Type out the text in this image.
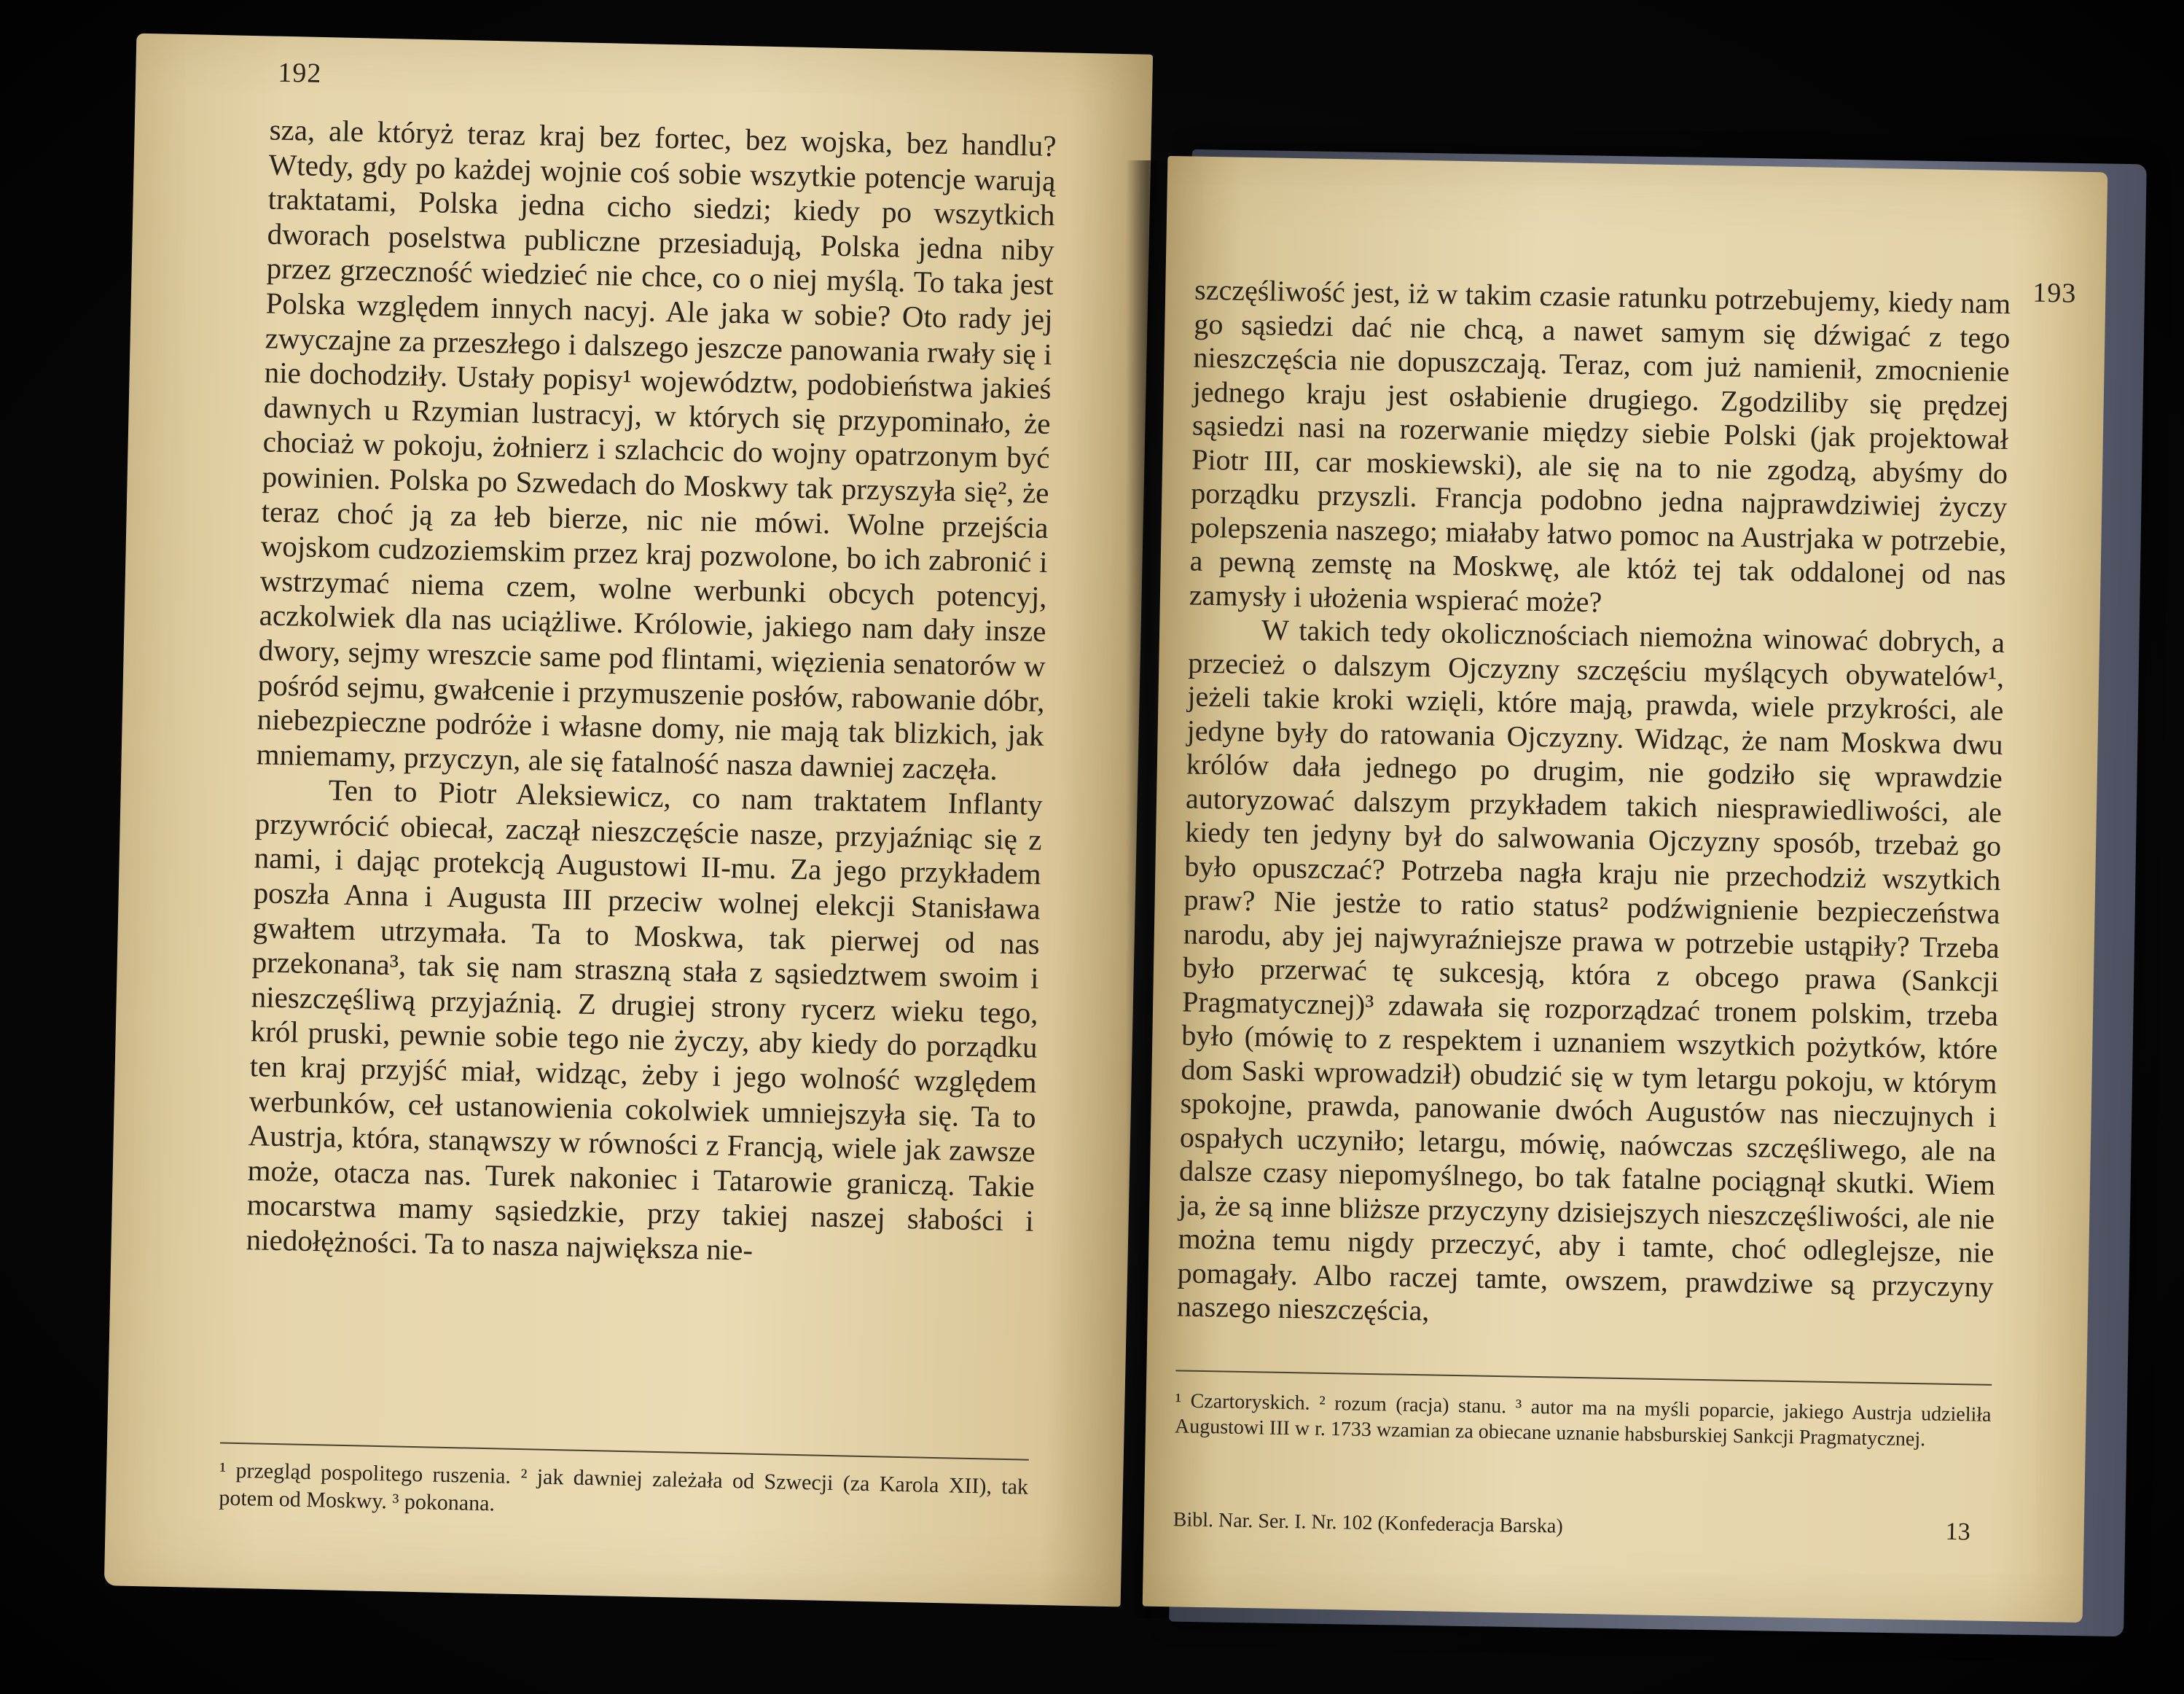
192

sza, ale któryż teraz kraj bez fortec, bez wojska, bez handlu? Wtedy, gdy po każdej wojnie coś sobie wszytkie potencje warują traktatami, Polska jedna cicho siedzi; kiedy po wszytkich dworach poselstwa publiczne przesiadują, Polska jedna niby przez grzeczność wiedzieć nie chce, co o niej myślą. To taka jest Polska względem innych nacyj. Ale jaka w sobie? Oto rady jej zwyczajne za przeszłego i dalszego jeszcze panowania rwały się i nie dochodziły. Ustały popisy¹ województw, podobieństwa jakieś dawnych u Rzymian lustracyj, w których się przypominało, że chociaż w pokoju, żołnierz i szlachcic do wojny opatrzonym być powinien. Polska po Szwedach do Moskwy tak przyszyła się², że teraz choć ją za łeb bierze, nic nie mówi. Wolne przejścia wojskom cudzoziemskim przez kraj pozwolone, bo ich zabronić i wstrzymać niema czem, wolne werbunki obcych potencyj, aczkolwiek dla nas uciążliwe. Królowie, jakiego nam dały insze dwory, sejmy wreszcie same pod flintami, więzienia senatorów w pośród sejmu, gwałcenie i przymuszenie posłów, rabowanie dóbr, niebezpieczne podróże i własne domy, nie mają tak blizkich, jak mniemamy, przyczyn, ale się fatalność nasza dawniej zaczęła.

Ten to Piotr Aleksiewicz, co nam traktatem Inflanty przywrócić obiecał, zaczął nieszczęście nasze, przyjaźniąc się z nami, i dając protekcją Augustowi II-mu. Za jego przykładem poszła Anna i Augusta III przeciw wolnej elekcji Stanisława gwałtem utrzymała. Ta to Moskwa, tak pierwej od nas przekonana³, tak się nam straszną stała z sąsiedztwem swoim i nieszczęśliwą przyjaźnią. Z drugiej strony rycerz wieku tego, król pruski, pewnie sobie tego nie życzy, aby kiedy do porządku ten kraj przyjść miał, widząc, żeby i jego wolność względem werbunków, ceł ustanowienia cokolwiek umniejszyła się. Ta to Austrja, która, stanąwszy w równości z Francją, wiele jak zawsze może, otacza nas. Turek nakoniec i Tatarowie graniczą. Takie mocarstwa mamy sąsiedzkie, przy takiej naszej słabości i niedołężności. Ta to nasza największa nie-

¹ przegląd pospolitego ruszenia. ² jak dawniej zależała od Szwecji (za Karola XII), tak potem od Moskwy. ³ pokonana.

193

szczęśliwość jest, iż w takim czasie ratunku potrzebujemy, kiedy nam go sąsiedzi dać nie chcą, a nawet samym się dźwigać z tego nieszczęścia nie dopuszczają. Teraz, com już namienił, zmocnienie jednego kraju jest osłabienie drugiego. Zgodziliby się prędzej sąsiedzi nasi na rozerwanie między siebie Polski (jak projektował Piotr III, car moskiewski), ale się na to nie zgodzą, abyśmy do porządku przyszli. Francja podobno jedna najprawdziwiej życzy polepszenia naszego; miałaby łatwo pomoc na Austrjaka w potrzebie, a pewną zemstę na Moskwę, ale któż tej tak oddalonej od nas zamysły i ułożenia wspierać może?

W takich tedy okolicznościach niemożna winować dobrych, a przecież o dalszym Ojczyzny szczęściu myślących obywatelów¹, jeżeli takie kroki wzięli, które mają, prawda, wiele przykrości, ale jedyne były do ratowania Ojczyzny. Widząc, że nam Moskwa dwu królów dała jednego po drugim, nie godziło się wprawdzie autoryzować dalszym przykładem takich niesprawiedliwości, ale kiedy ten jedyny był do salwowania Ojczyzny sposób, trzebaż go było opuszczać? Potrzeba nagła kraju nie przechodziż wszytkich praw? Nie jestże to ratio status² podźwignienie bezpieczeństwa narodu, aby jej najwyraźniejsze prawa w potrzebie ustąpiły? Trzeba było przerwać tę sukcesją, która z obcego prawa (Sankcji Pragmatycznej)³ zdawała się rozporządzać tronem polskim, trzeba było (mówię to z respektem i uznaniem wszytkich pożytków, które dom Saski wprowadził) obudzić się w tym letargu pokoju, w którym spokojne, prawda, panowanie dwóch Augustów nas nieczujnych i ospałych uczyniło; letargu, mówię, naówczas szczęśliwego, ale na dalsze czasy niepomyślnego, bo tak fatalne pociągnął skutki. Wiem ja, że są inne bliższe przyczyny dzisiejszych nieszczęśliwości, ale nie można temu nigdy przeczyć, aby i tamte, choć odleglejsze, nie pomagały. Albo raczej tamte, owszem, prawdziwe są przyczyny naszego nieszczęścia,

¹ Czartoryskich. ² rozum (racja) stanu. ³ autor ma na myśli poparcie, jakiego Austrja udzieliła Augustowi III w r. 1733 wzamian za obiecane uznanie habsburskiej Sankcji Pragmatycznej.

Bibl. Nar. Ser. I. Nr. 102 (Konfederacja Barska)	13
